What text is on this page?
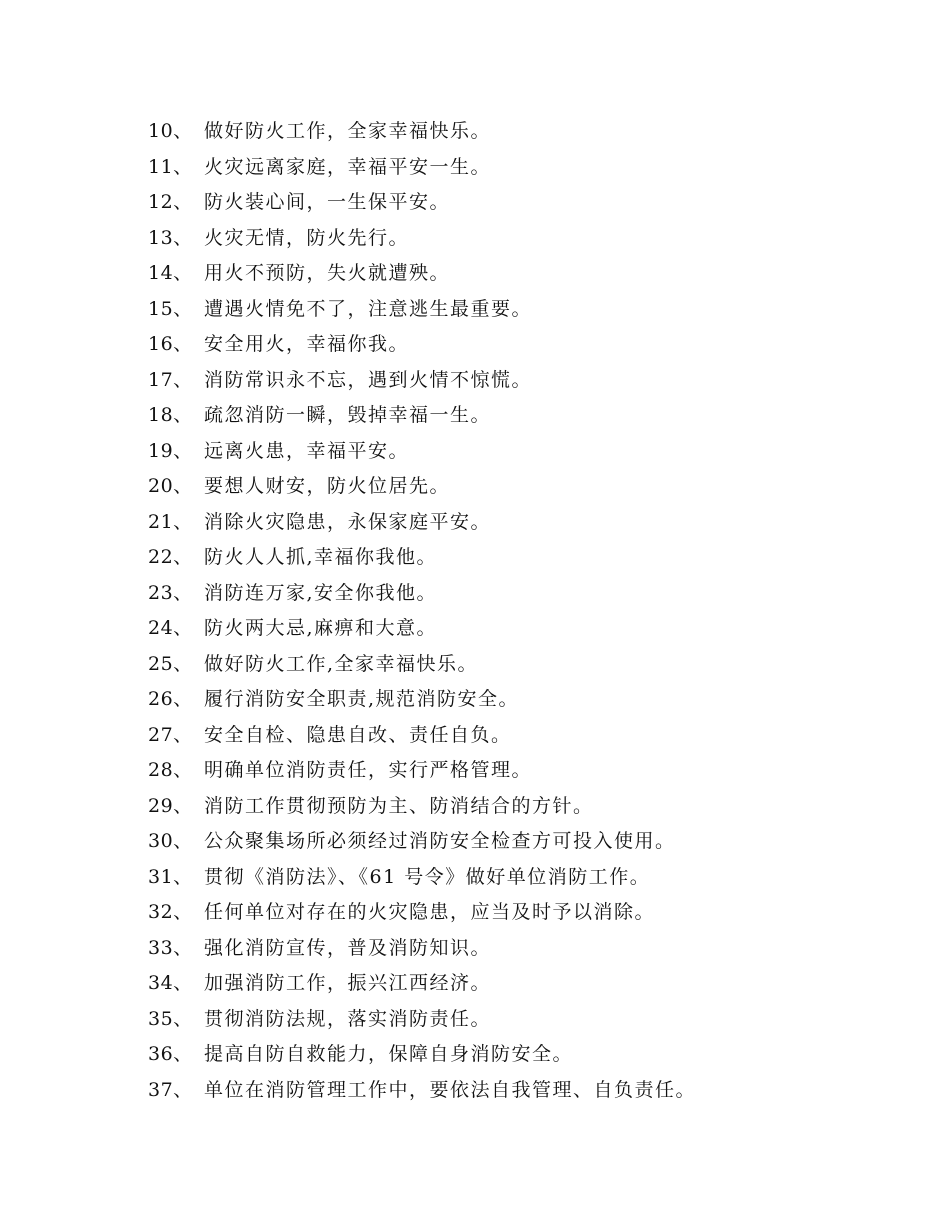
10、 做好防火工作，全家幸福快乐。
11、 火灾远离家庭，幸福平安一生。
12、 防火装心间，一生保平安。
13、 火灾无情，防火先行。
14、 用火不预防，失火就遭殃。
15、 遭遇火情免不了，注意逃生最重要。
16、 安全用火，幸福你我。
17、 消防常识永不忘，遇到火情不惊慌。
18、 疏忽消防一瞬，毁掉幸福一生。
19、 远离火患，幸福平安。
20、 要想人财安，防火位居先。
21、 消除火灾隐患，永保家庭平安。
22、 防火人人抓,幸福你我他。
23、 消防连万家,安全你我他。
24、 防火两大忌,麻痹和大意。
25、 做好防火工作,全家幸福快乐。
26、 履行消防安全职责,规范消防安全。
27、 安全自检、隐患自改、责任自负。
28、 明确单位消防责任，实行严格管理。
29、 消防工作贯彻预防为主、防消结合的方针。
30、 公众聚集场所必须经过消防安全检查方可投入使用。
31、 贯彻《消防法》、《61 号令》做好单位消防工作。
32、 任何单位对存在的火灾隐患，应当及时予以消除。
33、 强化消防宣传，普及消防知识。
34、 加强消防工作，振兴江西经济。
35、 贯彻消防法规，落实消防责任。
36、 提高自防自救能力，保障自身消防安全。
37、 单位在消防管理工作中，要依法自我管理、自负责任。
